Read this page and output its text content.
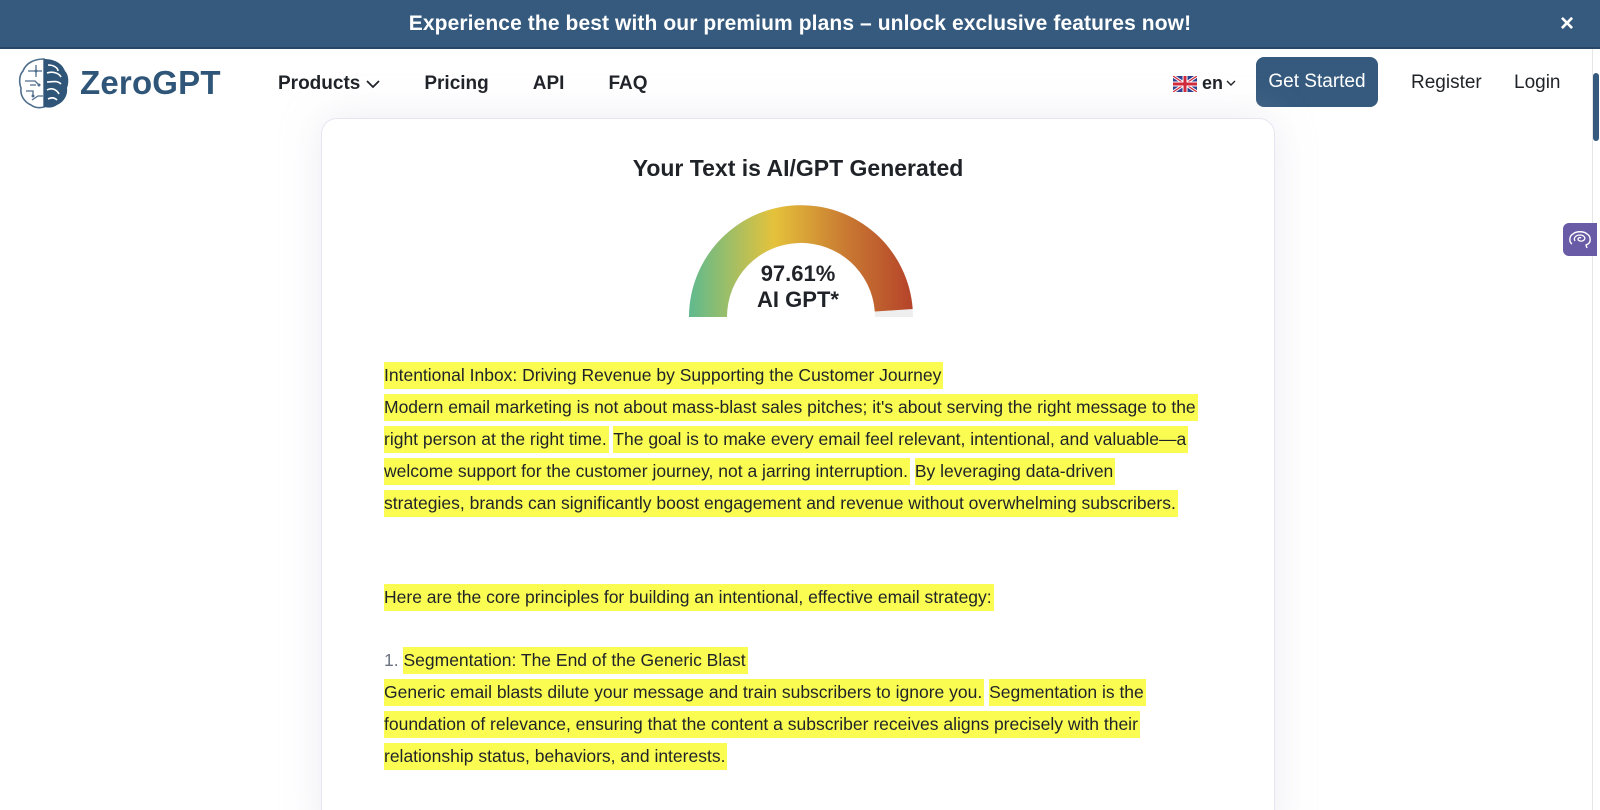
Experience the best with our premium plans – unlock exclusive features now!	×
ZeroGPT	Products	Pricing API FAQ	en	Get Started	Register Login
Your Text is AI/GPT Generated
97.61%
AI GPT*
Intentional Inbox: Driving Revenue by Supporting the Customer Journey
Modern email marketing is not about mass-blast sales pitches; it's about serving the right message to the
right person at the right time. The goal is to make every email feel relevant, intentional, and valuable—a
welcome support for the customer journey, not a jarring interruption. By leveraging data-driven
strategies, brands can significantly boost engagement and revenue without overwhelming subscribers.
Here are the core principles for building an intentional, effective email strategy:
1. Segmentation: The End of the Generic Blast
Generic email blasts dilute your message and train subscribers to ignore you. Segmentation is the
foundation of relevance, ensuring that the content a subscriber receives aligns precisely with their
relationship status, behaviors, and interests.
